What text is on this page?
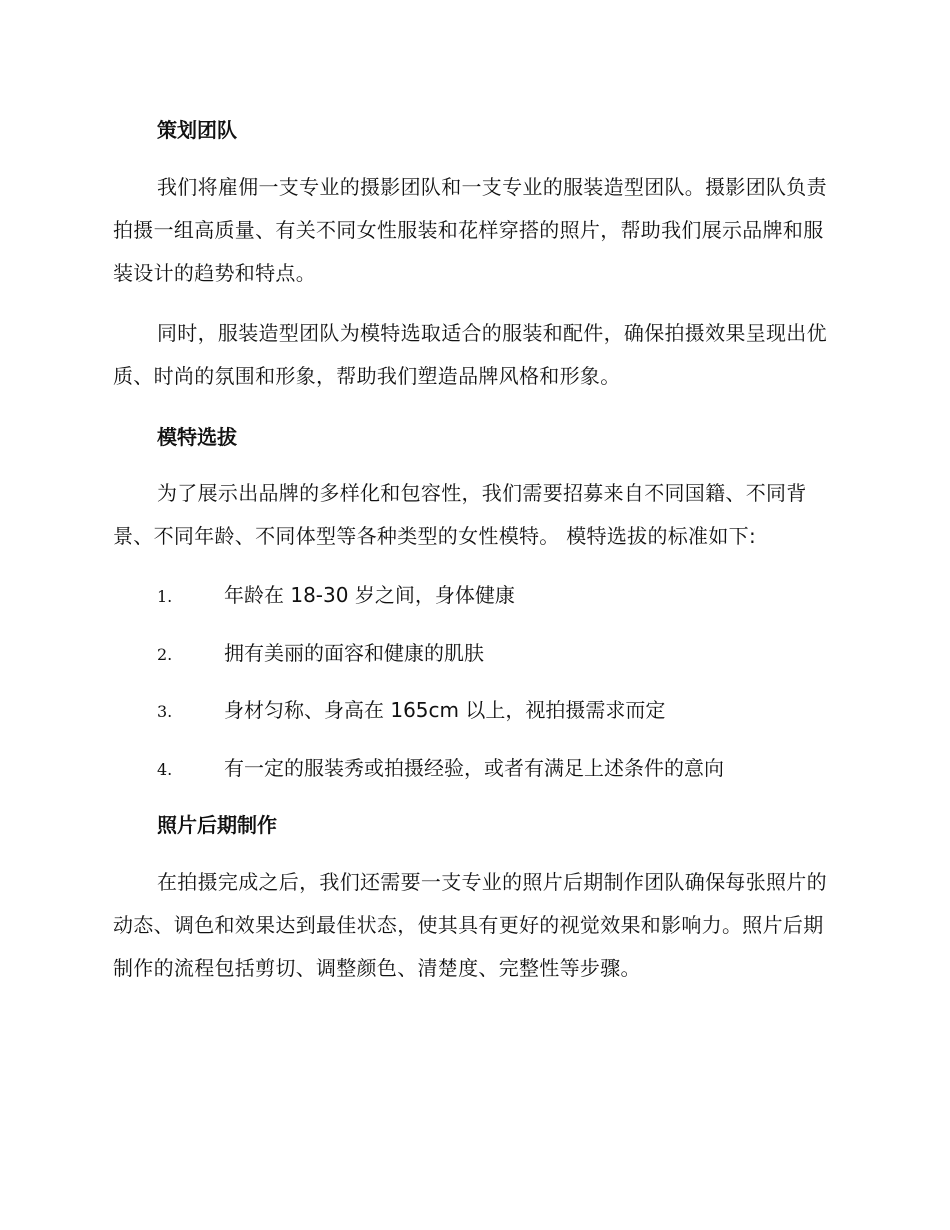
策划团队

我们将雇佣一支专业的摄影团队和一支专业的服装造型团队。摄影团队负责拍摄一组高质量、有关不同女性服装和花样穿搭的照片，帮助我们展示品牌和服装设计的趋势和特点。

同时，服装造型团队为模特选取适合的服装和配件，确保拍摄效果呈现出优质、时尚的氛围和形象，帮助我们塑造品牌风格和形象。

模特选拔

为了展示出品牌的多样化和包容性，我们需要招募来自不同国籍、不同背景、不同年龄、不同体型等各种类型的女性模特。 模特选拔的标准如下:

1.	年龄在 18-30 岁之间，身体健康
2.	拥有美丽的面容和健康的肌肤
3.	身材匀称、身高在 165cm 以上，视拍摄需求而定
4.	有一定的服装秀或拍摄经验，或者有满足上述条件的意向
照片后期制作

在拍摄完成之后，我们还需要一支专业的照片后期制作团队确保每张照片的动态、调色和效果达到最佳状态，使其具有更好的视觉效果和影响力。照片后期制作的流程包括剪切、调整颜色、清楚度、完整性等步骤。
